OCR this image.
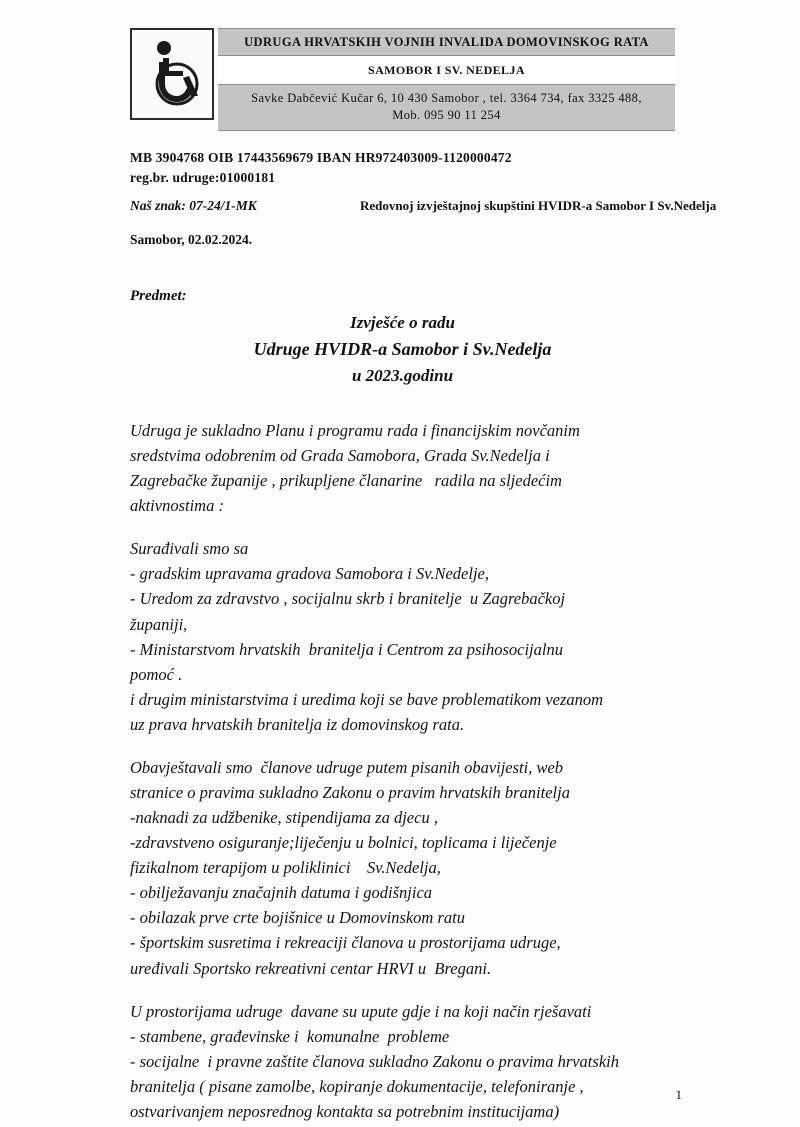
UDRUGA HRVATSKIH VOJNIH INVALIDA DOMOVINSKOG RATA
SAMOBOR I SV. NEDELJA
Savke Dabčević Kučar 6, 10 430 Samobor , tel. 3364 734, fax 3325 488,
Mob. 095 90 11 254
MB 3904768 OIB 17443569679 IBAN HR972403009-1120000472
reg.br. udruge:01000181
Naš znak: 07-24/1-MK	Redovnoj izvještajnoj skupštini HVIDR-a Samobor I Sv.Nedelja
Samobor, 02.02.2024.
Predmet:
Izvješće o radu
Udruge HVIDR-a Samobor i Sv.Nedelja
u 2023.godinu
Udruga je sukladno Planu i programu rada i financijskim novčanim
sredstvima odobrenim od Grada Samobora, Grada Sv.Nedelja i
Zagrebačke županije , prikupljene članarine   radila na sljedećim
aktivnostima :
Surađivali smo sa
- gradskim upravama gradova Samobora i Sv.Nedelje,
- Uredom za zdravstvo , socijalnu skrb i braniteljе  u Zagrebačkoj
županiji,
- Ministarstvom hrvatskih  branitelja i Centrom za psihosocijalnu
pomoć .
i drugim ministarstvima i uredima koji se bave problematikom vezanom
uz prava hrvatskih branitelja iz domovinskog rata.
Obavještavali smo  članove udruge putem pisanih obavijesti, web
stranice o pravima sukladno Zakonu o pravim hrvatskih branitelja
-naknadi za udžbenike, stipendijama za djecu ,
-zdravstveno osiguranje;liječenju u bolnici, toplicama i liječenje
fizikalnom terapijom u poliklinici    Sv.Nedelja,
- obilježavanju značajnih datuma i godišnjica
- obilazak prve crte bojišnice u Domovinskom ratu
- športskim susretima i rekreaciji članova u prostorijama udruge,
uređivali Sportsko rekreativni centar HRVI u  Bregani.
U prostorijama udruge  davane su upute gdje i na koji način rješavati
- stambene, građevinske i  komunalne  probleme
- socijalne  i pravne zaštite članova sukladno Zakonu o pravima hrvatskih
branitelja ( pisane zamolbe, kopiranje dokumentacije, telefoniranje ,
ostvarivanjem neposrednog kontakta sa potrebnim institucijama)
1
